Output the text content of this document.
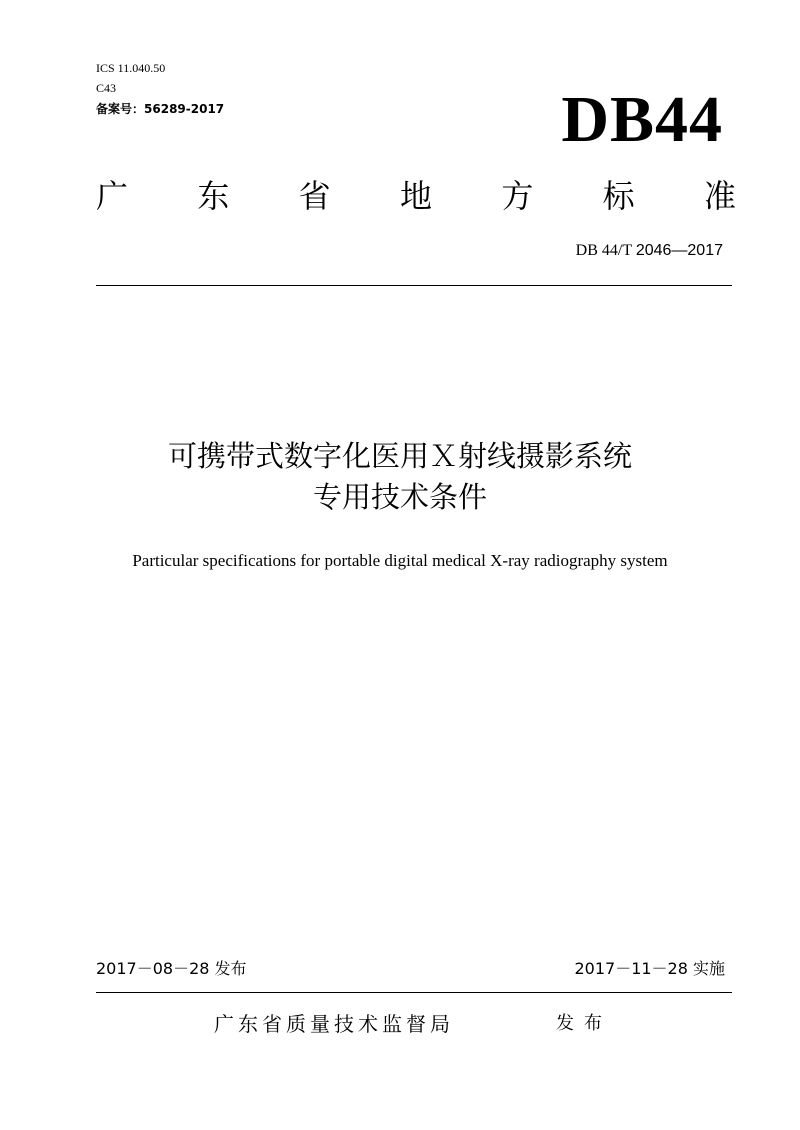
ICS 11.040.50
C43
备案号：56289-2017	DB44
广 东 省 地 方 标 准
DB 44/T 2046—2017
可携带式数字化医用Ｘ射线摄影系统
专用技术条件
Particular specifications for portable digital medical X-ray radiography system
2017－08－28 发布	2017－11－28 实施
广东省质量技术监督局	发布
